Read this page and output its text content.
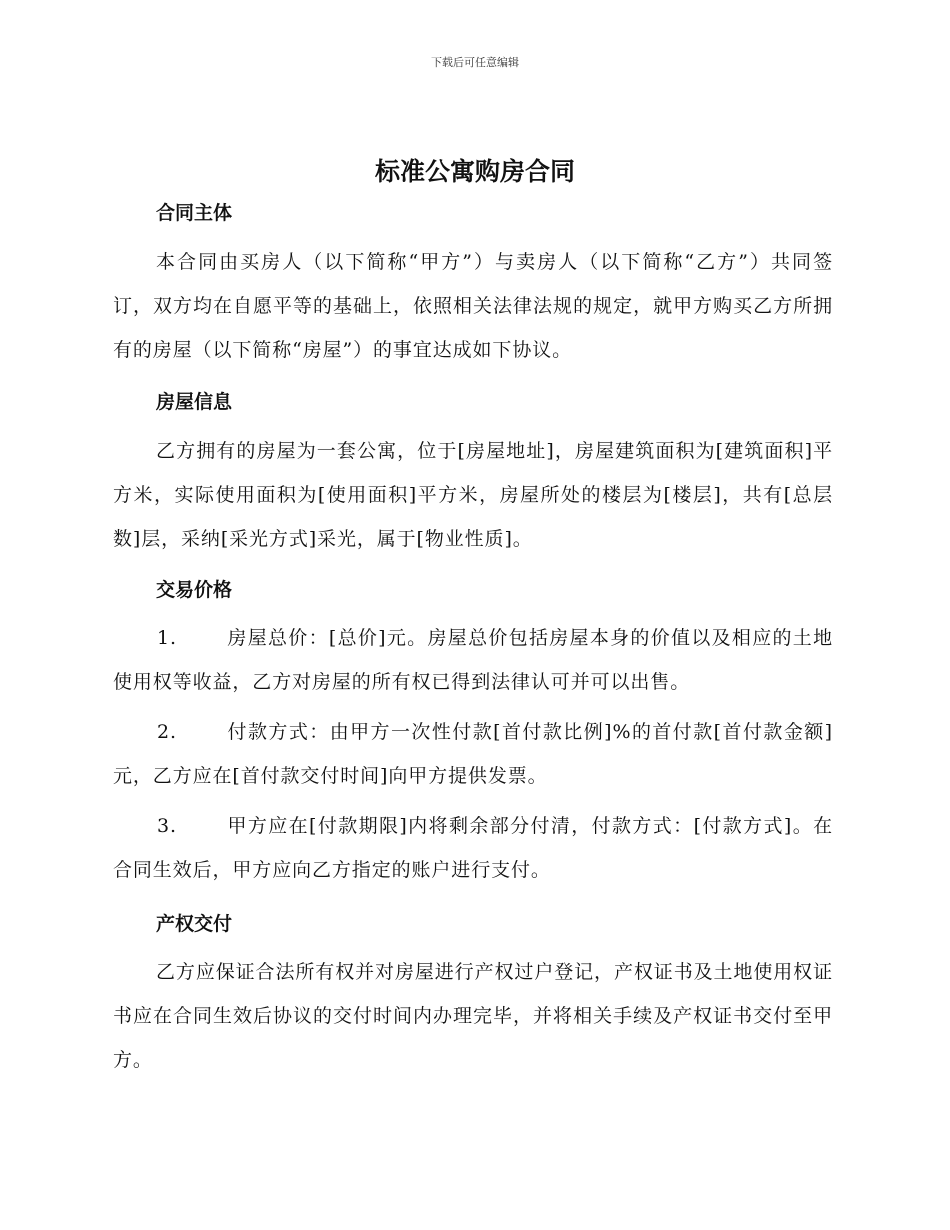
下载后可任意编辑
标准公寓购房合同
合同主体

本合同由买房人（以下简称“甲方”）与卖房人（以下简称“乙方”）共同签订，双方均在自愿平等的基础上，依照相关法律法规的规定，就甲方购买乙方所拥有的房屋（以下简称“房屋”）的事宜达成如下协议。

房屋信息

乙方拥有的房屋为一套公寓，位于[房屋地址]，房屋建筑面积为[建筑面积]平方米，实际使用面积为[使用面积]平方米，房屋所处的楼层为[楼层]，共有[总层数]层，采纳[采光方式]采光，属于[物业性质]。

交易价格

1.	房屋总价：[总价]元。房屋总价包括房屋本身的价值以及相应的土地使用权等收益，乙方对房屋的所有权已得到法律认可并可以出售。

2.	付款方式：由甲方一次性付款[首付款比例]%的首付款[首付款金额]元，乙方应在[首付款交付时间]向甲方提供发票。

3.	甲方应在[付款期限]内将剩余部分付清，付款方式：[付款方式]。在合同生效后，甲方应向乙方指定的账户进行支付。

产权交付

乙方应保证合法所有权并对房屋进行产权过户登记，产权证书及土地使用权证书应在合同生效后协议的交付时间内办理完毕，并将相关手续及产权证书交付至甲方。
